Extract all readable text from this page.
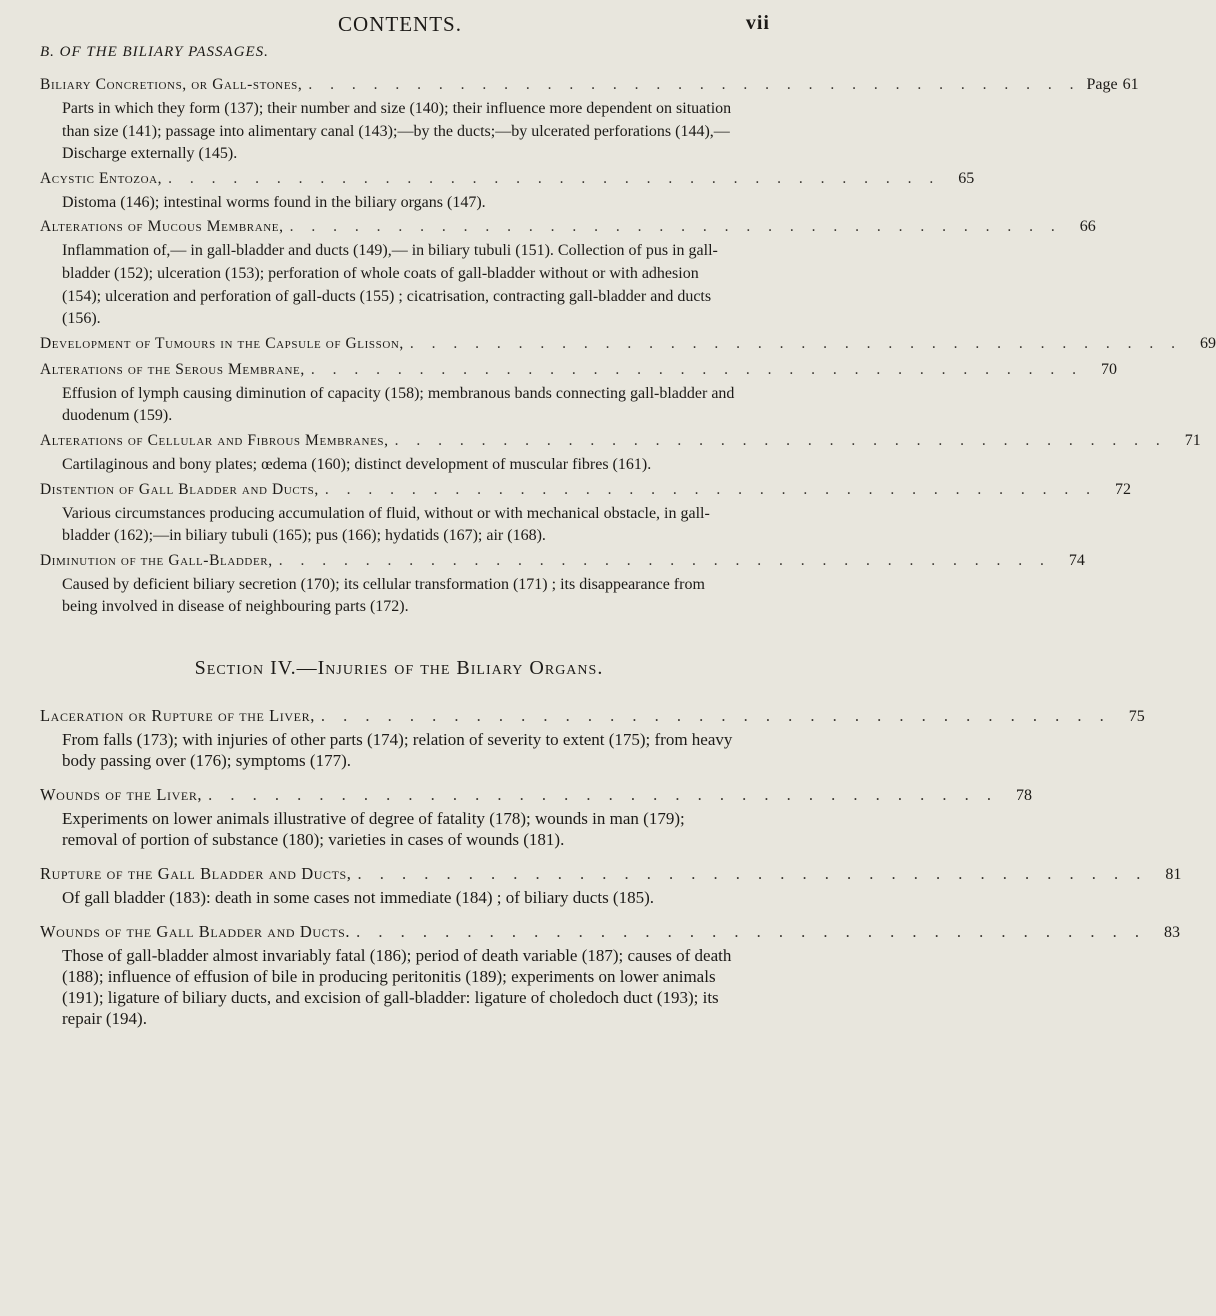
CONTENTS.	vii
B. OF THE BILIARY PASSAGES.
Biliary Concretions, or Gall-stones, . . . . . . . . . . . . . . . . . . . . . . . . . . . . . . . . . . . . Page 61

Parts in which they form (137); their number and size (140); their influence more dependent on situation than size (141); passage into alimentary canal (143);—by the ducts;—by ulcerated perforations (144),—Discharge externally (145).

Acystic Entozoa, . . . . . . . . . . . . . . . . . . . . . . . . . . . . . . . . . . . .	65

Distoma (146); intestinal worms found in the biliary organs (147).

Alterations of Mucous Membrane, . . . . . . . . . . . . . . . . . . . . . . . . . . . . . . . . . . . .	66

Inflammation of,— in gall-bladder and ducts (149),— in biliary tubuli (151). Collection of pus in gall-bladder (152); ulceration (153); perforation of whole coats of gall-bladder without or with adhesion (154); ulceration and perforation of gall-ducts (155) ; cicatrisation, contracting gall-bladder and ducts (156).

Development of Tumours in the Capsule of Glisson, . . . . . . . . . . . . . . . . . . . . . . . . . . . . . . . . . . . .	69
Alterations of the Serous Membrane, . . . . . . . . . . . . . . . . . . . . . . . . . . . . . . . . . . . .	70

Effusion of lymph causing diminution of capacity (158); membranous bands connecting gall-bladder and duodenum (159).

Alterations of Cellular and Fibrous Membranes, . . . . . . . . . . . . . . . . . . . . . . . . . . . . . . . . . . . .	71

Cartilaginous and bony plates; œdema (160); distinct development of muscular fibres (161).

Distention of Gall Bladder and Ducts, . . . . . . . . . . . . . . . . . . . . . . . . . . . . . . . . . . . .	72

Various circumstances producing accumulation of fluid, without or with mechanical obstacle, in gall-bladder (162);—in biliary tubuli (165); pus (166); hydatids (167); air (168).

Diminution of the Gall-Bladder, . . . . . . . . . . . . . . . . . . . . . . . . . . . . . . . . . . . .	74

Caused by deficient biliary secretion (170); its cellular transformation (171) ; its disappearance from being involved in disease of neighbouring parts (172).

Section IV.—Injuries of the Biliary Organs.
Laceration or Rupture of the Liver, . . . . . . . . . . . . . . . . . . . . . . . . . . . . . . . . . . . .	75

From falls (173); with injuries of other parts (174); relation of severity to extent (175); from heavy body passing over (176); symptoms (177).

Wounds of the Liver, . . . . . . . . . . . . . . . . . . . . . . . . . . . . . . . . . . . .	78

Experiments on lower animals illustrative of degree of fatality (178); wounds in man (179); removal of portion of substance (180); varieties in cases of wounds (181).

Rupture of the Gall Bladder and Ducts, . . . . . . . . . . . . . . . . . . . . . . . . . . . . . . . . . . . .	81

Of gall bladder (183): death in some cases not immediate (184) ; of biliary ducts (185).

Wounds of the Gall Bladder and Ducts. . . . . . . . . . . . . . . . . . . . . . . . . . . . . . . . . . . . .	83

Those of gall-bladder almost invariably fatal (186); period of death variable (187); causes of death (188); influence of effusion of bile in producing peritonitis (189); experiments on lower animals (191); ligature of biliary ducts, and excision of gall-bladder: ligature of choledoch duct (193); its repair (194).
